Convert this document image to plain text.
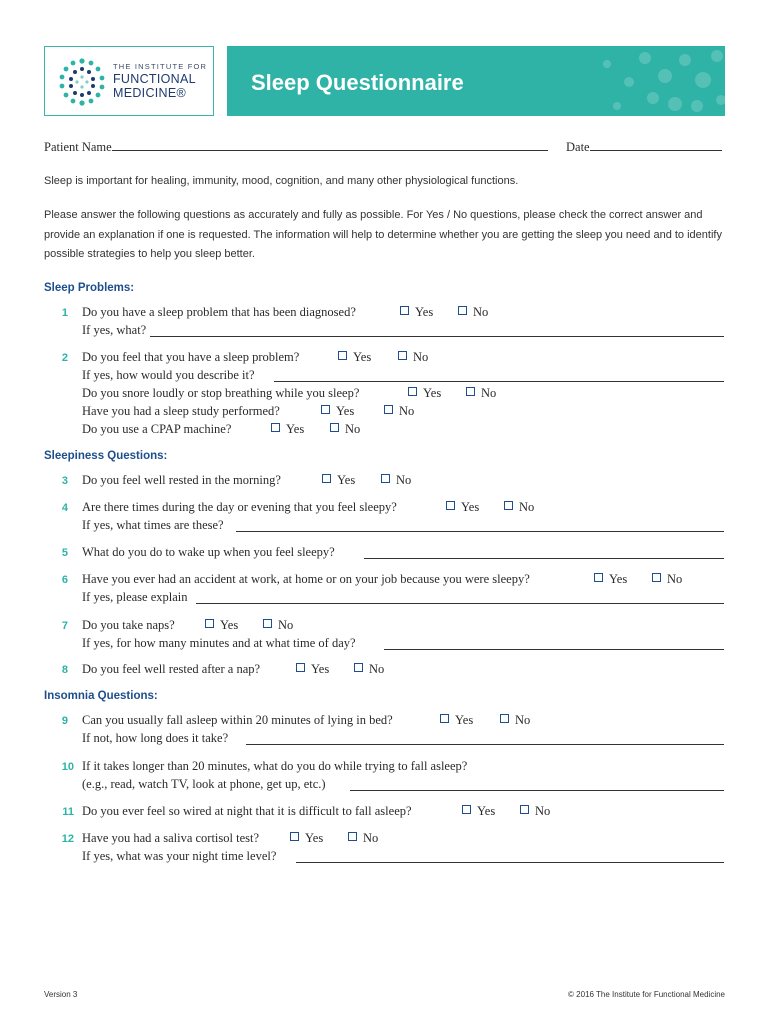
THE INSTITUTE FOR
FUNCTIONAL
MEDICINE®	Sleep Questionnaire
Patient Name	Date
Sleep is important for healing, immunity, mood, cognition, and many other physiological functions.
Please answer the following questions as accurately and fully as possible. For Yes / No questions, please check the correct answer and provide an explanation if one is requested. The information will help to determine whether you are getting the sleep you need and to identify possible strategies to help you sleep better.
Sleep Problems:
1 Do you have a sleep problem that has been diagnosed?	Yes	No
If yes, what?
2 Do you feel that you have a sleep problem?	Yes	No
If yes, how would you describe it?
Do you snore loudly or stop breathing while you sleep?	Yes	No
Have you had a sleep study performed?	Yes	No
Do you use a CPAP machine?	Yes	No
Sleepiness Questions:
3 Do you feel well rested in the morning?	Yes	No
4 Are there times during the day or evening that you feel sleepy?	Yes	No
If yes, what times are these?
5 What do you do to wake up when you feel sleepy?
6 Have you ever had an accident at work, at home or on your job because you were sleepy?	Yes	No
If yes, please explain
7 Do you take naps?	Yes	No
If yes, for how many minutes and at what time of day?
8 Do you feel well rested after a nap?	Yes	No
Insomnia Questions:
9 Can you usually fall asleep within 20 minutes of lying in bed?	Yes	No
If not, how long does it take?
10 If it takes longer than 20 minutes, what do you do while trying to fall asleep?
(e.g., read, watch TV, look at phone, get up, etc.)
11 Do you ever feel so wired at night that it is difficult to fall asleep?	Yes	No
12 Have you had a saliva cortisol test?	Yes	No
If yes, what was your night time level?
Version 3	© 2016 The Institute for Functional Medicine
